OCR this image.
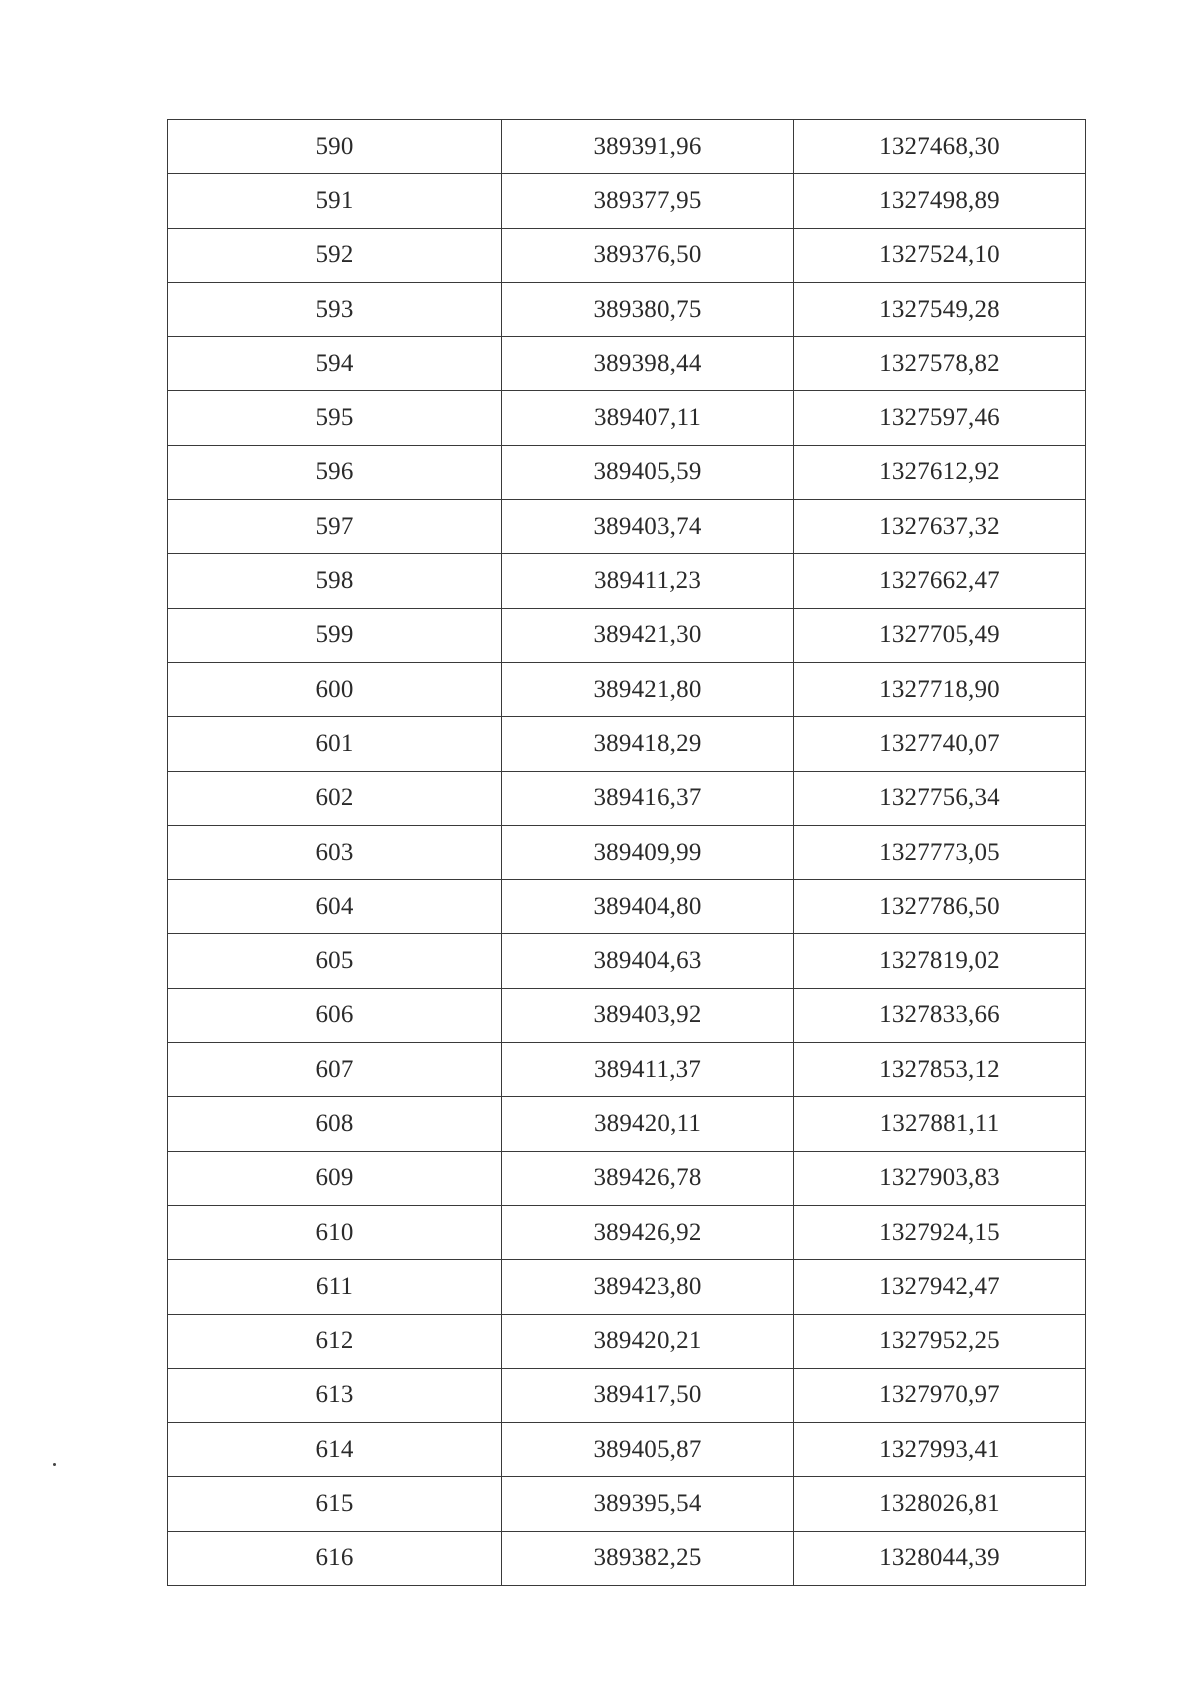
590	389391,96	1327468,30
591	389377,95	1327498,89
592	389376,50	1327524,10
593	389380,75	1327549,28
594	389398,44	1327578,82
595	389407,11	1327597,46
596	389405,59	1327612,92
597	389403,74	1327637,32
598	389411,23	1327662,47
599	389421,30	1327705,49
600	389421,80	1327718,90
601	389418,29	1327740,07
602	389416,37	1327756,34
603	389409,99	1327773,05
604	389404,80	1327786,50
605	389404,63	1327819,02
606	389403,92	1327833,66
607	389411,37	1327853,12
608	389420,11	1327881,11
609	389426,78	1327903,83
610	389426,92	1327924,15
611	389423,80	1327942,47
612	389420,21	1327952,25
613	389417,50	1327970,97
614	389405,87	1327993,41
615	389395,54	1328026,81
616	389382,25	1328044,39
